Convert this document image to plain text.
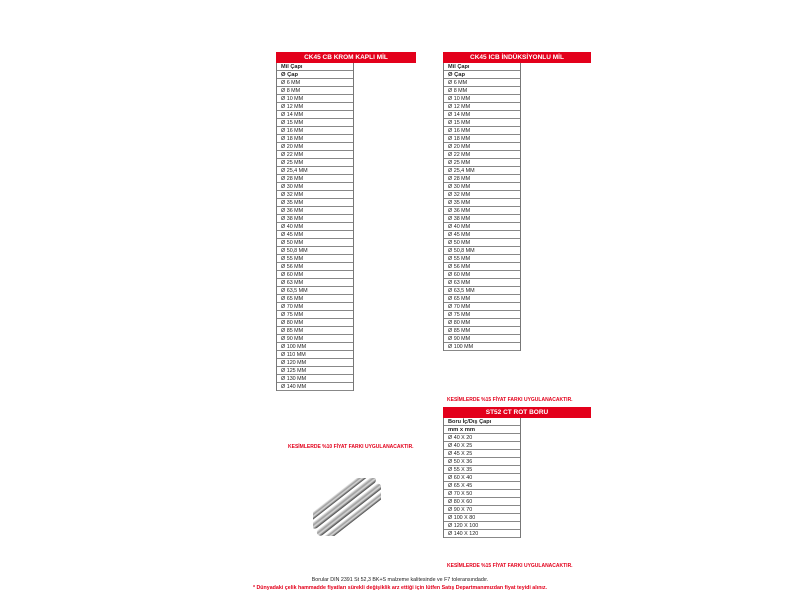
CK45 CB KROM KAPLI MİL
Mil Çapı
Ø Çap
Ø 6 MM
Ø 8 MM
Ø 10 MM
Ø 12 MM
Ø 14 MM
Ø 15 MM
Ø 16 MM
Ø 18 MM
Ø 20 MM
Ø 22 MM
Ø 25 MM
Ø 25,4 MM
Ø 28 MM
Ø 30 MM
Ø 32 MM
Ø 35 MM
Ø 36 MM
Ø 38 MM
Ø 40 MM
Ø 45 MM
Ø 50 MM
Ø 50,8 MM
Ø 55 MM
Ø 56 MM
Ø 60 MM
Ø 63 MM
Ø 63,5 MM
Ø 65 MM
Ø 70 MM
Ø 75 MM
Ø 80 MM
Ø 85 MM
Ø 90 MM
Ø 100 MM
Ø 110 MM
Ø 120 MM
Ø 125 MM
Ø 130 MM
Ø 140 MM
KESİMLERDE %10 FİYAT FARKI UYGULANACAKTIR.
CK45 ICB İNDÜKSİYONLU MİL
Mil Çapı
Ø Çap
Ø 6 MM
Ø 8 MM
Ø 10 MM
Ø 12 MM
Ø 14 MM
Ø 15 MM
Ø 16 MM
Ø 18 MM
Ø 20 MM
Ø 22 MM
Ø 25 MM
Ø 25,4 MM
Ø 28 MM
Ø 30 MM
Ø 32 MM
Ø 35 MM
Ø 36 MM
Ø 38 MM
Ø 40 MM
Ø 45 MM
Ø 50 MM
Ø 50,8 MM
Ø 55 MM
Ø 56 MM
Ø 60 MM
Ø 63 MM
Ø 63,5 MM
Ø 65 MM
Ø 70 MM
Ø 75 MM
Ø 80 MM
Ø 85 MM
Ø 90 MM
Ø 100 MM
KESİMLERDE %15 FİYAT FARKI UYGULANACAKTIR.
ST52 CT ROT BORU
Boru İç/Dış Çapı
mm x mm
Ø 40 X 20
Ø 40 X 25
Ø 45 X 25
Ø 50 X 36
Ø 55 X 35
Ø 60 X 40
Ø 65 X 45
Ø 70 X 50
Ø 80 X 60
Ø 90 X 70
Ø 100 X 80
Ø 120 X 100
Ø 140 X 120
KESİMLERDE %15 FİYAT FARKI UYGULANACAKTIR.
Borular DIN 2391 St 52,3 BK+S malzeme kalitesinde ve F7 toleransındadır.
* Dünyadaki çelik hammadde fiyatları sürekli değişiklik arz ettiği için lütfen Satış Departmanımızdan fiyat teyidi alınız.
